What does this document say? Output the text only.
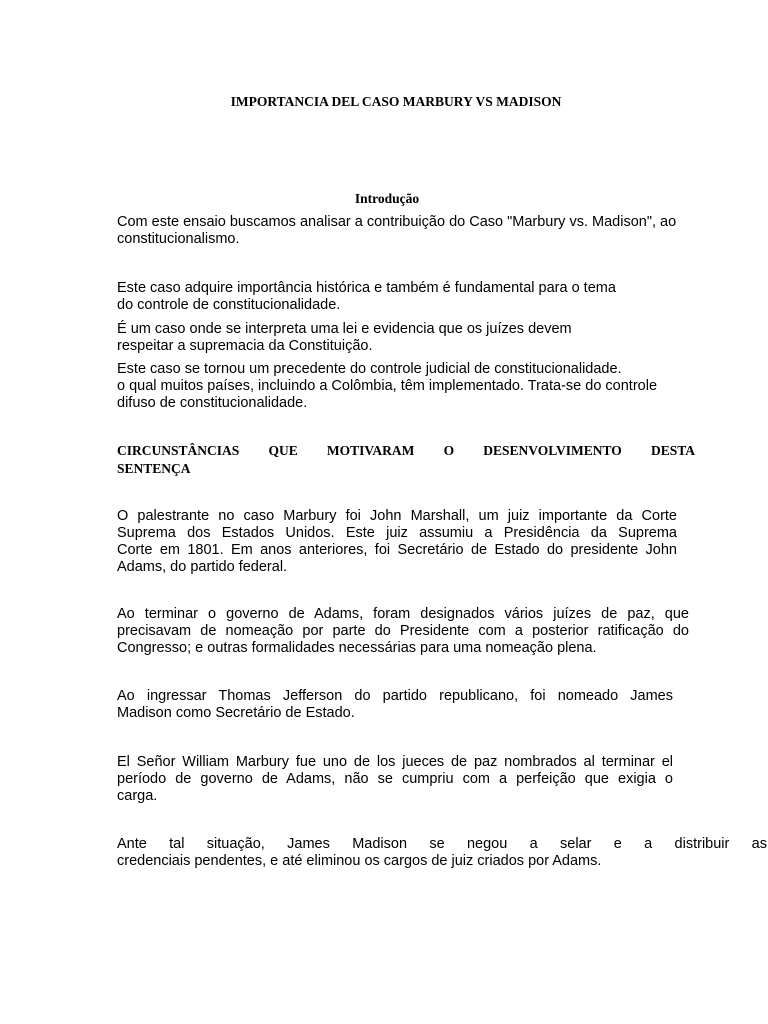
IMPORTANCIA DEL CASO MARBURY VS MADISON
Introdução

Com este ensaio buscamos analisar a contribuição do Caso "Marbury vs. Madison", ao
constitucionalismo.

Este caso adquire importância histórica e também é fundamental para o tema
do controle de constitucionalidade.

É um caso onde se interpreta uma lei e evidencia que os juízes devem
respeitar a supremacia da Constituição.

Este caso se tornou um precedente do controle judicial de constitucionalidade.
o qual muitos países, incluindo a Colômbia, têm implementado. Trata-se do controle
difuso de constitucionalidade.

CIRCUNSTÂNCIAS QUE MOTIVARAM O DESENVOLVIMENTO DESTA
SENTENÇA

O palestrante no caso Marbury foi John Marshall, um juiz importante da Corte
Suprema dos Estados Unidos. Este juiz assumiu a Presidência da Suprema
Corte em 1801. Em anos anteriores, foi Secretário de Estado do presidente John
Adams, do partido federal.

Ao terminar o governo de Adams, foram designados vários juízes de paz, que
precisavam de nomeação por parte do Presidente com a posterior ratificação do
Congresso; e outras formalidades necessárias para uma nomeação plena.

Ao ingressar Thomas Jefferson do partido republicano, foi nomeado James
Madison como Secretário de Estado.

El Señor William Marbury fue uno de los jueces de paz nombrados al terminar el
período de governo de Adams, não se cumpriu com a perfeição que exigia o
carga.

Ante tal situação, James Madison se negou a selar e a distribuir as
credenciais pendentes, e até eliminou os cargos de juiz criados por Adams.
